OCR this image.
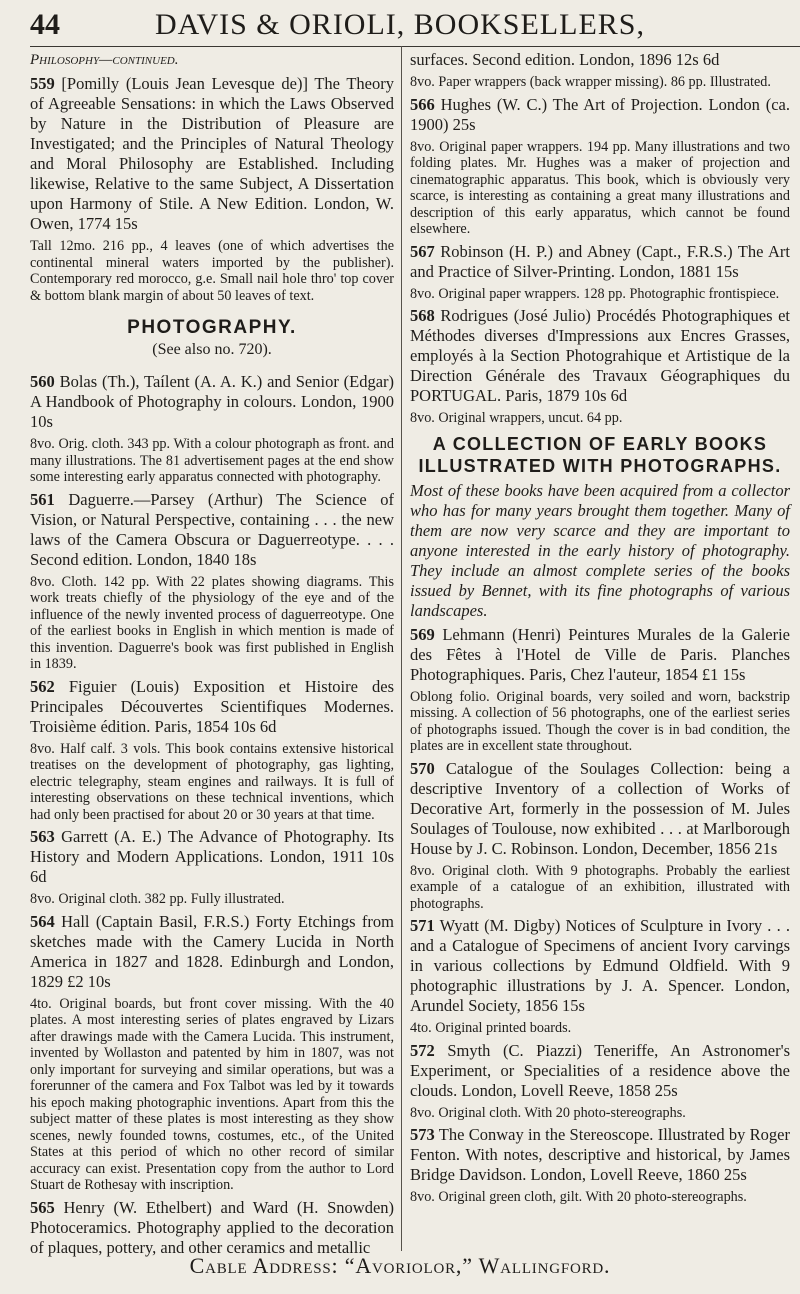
44	DAVIS & ORIOLI, BOOKSELLERS,

Philosophy—continued.

559 [Pomilly (Louis Jean Levesque de)] The Theory of Agreeable Sensations: in which the Laws Observed by Nature in the Distribution of Pleasure are Investigated; and the Principles of Natural Theology and Moral Philosophy are Established. Including likewise, Relative to the same Subject, A Dissertation upon Harmony of Stile. A New Edition. London, W. Owen, 1774 15s

Tall 12mo. 216 pp., 4 leaves (one of which advertises the continental mineral waters imported by the publisher). Contemporary red morocco, g.e. Small nail hole thro' top cover & bottom blank margin of about 50 leaves of text.

PHOTOGRAPHY.

(See also no. 720).

560 Bolas (Th.), Taílent (A. A. K.) and Senior (Edgar) A Handbook of Photography in colours. London, 1900 10s

8vo. Orig. cloth. 343 pp. With a colour photograph as front. and many illustrations. The 81 advertisement pages at the end show some interesting early apparatus connected with photography.

561 Daguerre.—Parsey (Arthur) The Science of Vision, or Natural Perspective, containing . . . the new laws of the Camera Obscura or Daguerreotype. . . . Second edition. London, 1840 18s

8vo. Cloth. 142 pp. With 22 plates showing diagrams. This work treats chiefly of the physiology of the eye and of the influence of the newly invented process of daguerreotype. One of the earliest books in English in which mention is made of this invention. Daguerre's book was first published in English in 1839.

562 Figuier (Louis) Exposition et Histoire des Principales Découvertes Scientifiques Modernes. Troisième édition. Paris, 1854 10s 6d

8vo. Half calf. 3 vols. This book contains extensive historical treatises on the development of photography, gas lighting, electric telegraphy, steam engines and railways. It is full of interesting observations on these technical inventions, which had only been practised for about 20 or 30 years at that time.

563 Garrett (A. E.) The Advance of Photography. Its History and Modern Applications. London, 1911 10s 6d

8vo. Original cloth. 382 pp. Fully illustrated.

564 Hall (Captain Basil, F.R.S.) Forty Etchings from sketches made with the Camery Lucida in North America in 1827 and 1828. Edinburgh and London, 1829 £2 10s

4to. Original boards, but front cover missing. With the 40 plates. A most interesting series of plates engraved by Lizars after drawings made with the Camera Lucida. This instrument, invented by Wollaston and patented by him in 1807, was not only important for surveying and similar operations, but was a forerunner of the camera and Fox Talbot was led by it towards his epoch making photographic inventions. Apart from this the subject matter of these plates is most interesting as they show scenes, newly founded towns, costumes, etc., of the United States at this period of which no other record of similar accuracy can exist. Presentation copy from the author to Lord Stuart de Rothesay with inscription.

565 Henry (W. Ethelbert) and Ward (H. Snowden) Photoceramics. Photography applied to the decoration of plaques, pottery, and other ceramics and metallic

surfaces. Second edition. London, 1896 12s 6d

8vo. Paper wrappers (back wrapper missing). 86 pp. Illustrated.

566 Hughes (W. C.) The Art of Projection. London (ca. 1900) 25s

8vo. Original paper wrappers. 194 pp. Many illustrations and two folding plates. Mr. Hughes was a maker of projection and cinematographic apparatus. This book, which is obviously very scarce, is interesting as containing a great many illustrations and description of this early apparatus, which cannot be found elsewhere.

567 Robinson (H. P.) and Abney (Capt., F.R.S.) The Art and Practice of Silver-Printing. London, 1881 15s

8vo. Original paper wrappers. 128 pp. Photographic frontispiece.

568 Rodrigues (José Julio) Procédés Photographiques et Méthodes diverses d'Impressions aux Encres Grasses, employés à la Section Photograhique et Artistique de la Direction Générale des Travaux Géographiques du PORTUGAL. Paris, 1879 10s 6d

8vo. Original wrappers, uncut. 64 pp.

A COLLECTION OF EARLY BOOKS ILLUSTRATED WITH PHOTOGRAPHS.

Most of these books have been acquired from a collector who has for many years brought them together. Many of them are now very scarce and they are important to anyone interested in the early history of photography. They include an almost complete series of the books issued by Bennet, with its fine photographs of various landscapes.

569 Lehmann (Henri) Peintures Murales de la Galerie des Fêtes à l'Hotel de Ville de Paris. Planches Photographiques. Paris, Chez l'auteur, 1854 £1 15s

Oblong folio. Original boards, very soiled and worn, backstrip missing. A collection of 56 photographs, one of the earliest series of photographs issued. Though the cover is in bad condition, the plates are in excellent state throughout.

570 Catalogue of the Soulages Collection: being a descriptive Inventory of a collection of Works of Decorative Art, formerly in the possession of M. Jules Soulages of Toulouse, now exhibited . . . at Marlborough House by J. C. Robinson. London, December, 1856 21s

8vo. Original cloth. With 9 photographs. Probably the earliest example of a catalogue of an exhibition, illustrated with photographs.

571 Wyatt (M. Digby) Notices of Sculpture in Ivory . . . and a Catalogue of Specimens of ancient Ivory carvings in various collections by Edmund Oldfield. With 9 photographic illustrations by J. A. Spencer. London, Arundel Society, 1856 15s

4to. Original printed boards.

572 Smyth (C. Piazzi) Teneriffe, An Astronomer's Experiment, or Specialities of a residence above the clouds. London, Lovell Reeve, 1858 25s

8vo. Original cloth. With 20 photo-stereographs.

573 The Conway in the Stereoscope. Illustrated by Roger Fenton. With notes, descriptive and historical, by James Bridge Davidson. London, Lovell Reeve, 1860 25s

8vo. Original green cloth, gilt. With 20 photo-stereographs.

Cable Address: “Avoriolor,” Wallingford.
